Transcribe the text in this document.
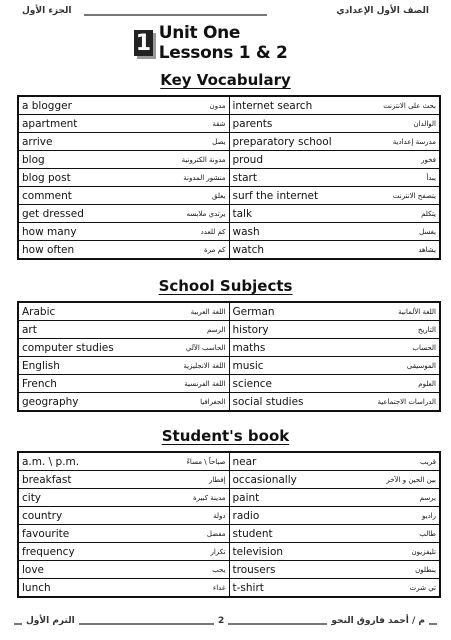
الجزء الأول	الصف الأول الإعدادي
1 Unit One Lessons 1 & 2
Key Vocabulary
a blogger مدون	internet search بحث على الانترنت

apartment شقة	parents الوالدان

arrive يصل	preparatory school مدرسة إعدادية

blog مدونة الكترونية	proud فخور

blog post منشور المدونة	start يبدأ

comment يعلق	surf the internet يتصفح الانترنت

get dressed يرتدي ملابسه	talk يتكلم

how many كم للعدد	wash يغسل

how often كم مرة	watch يشاهد
School Subjects
Arabic اللغة العربية	German اللغة الألمانية

art الرسم	history التاريخ

computer studies الحاسب الآلي	maths الحساب

English اللغة الانجليزية	music الموسيقى

French اللغة الفرنسية	science العلوم

geography الجغرافيا	social studies الدراسات الاجتماعية
Student's book
a.m. \ p.m. صباحاً \ مساءً	near قريب

breakfast إفطار	occasionally بين الحين و الآخر

city مدينة كبيرة	paint يرسم

country دولة	radio راديو

favourite مفضل	student طالب

frequency تكرار	television تليفزيون

love يحب	trousers بنطلون

lunch غداء	t-shirt تي شرت
الترم الأول	2	م / أحمد فاروق النحو
